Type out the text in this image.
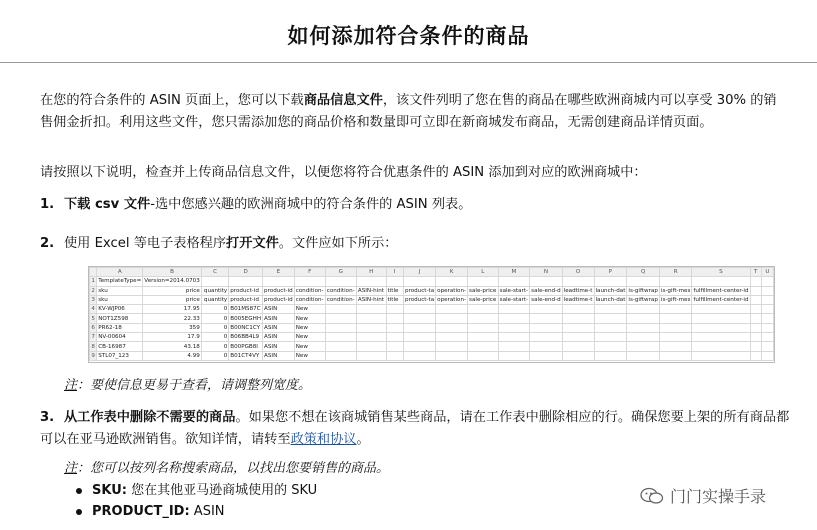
如何添加符合条件的商品
在您的符合条件的 ASIN 页面上，您可以下载商品信息文件，该文件列明了您在售的商品在哪些欧洲商城内可以享受 30% 的销售佣金折扣。利用这些文件，您只需添加您的商品价格和数量即可立即在新商城发布商品，无需创建商品详情页面。
请按照以下说明，检查并上传商品信息文件，以便您将符合优惠条件的 ASIN 添加到对应的欧洲商城中：
1. 下载 csv 文件-选中您感兴趣的欧洲商城中的符合条件的 ASIN 列表。
2. 使用 Excel 等电子表格程序打开文件。文件应如下所示：
	A	B	C	D	E	F	G	H	I	J	K	L	M	N	O	P	Q	R	S	T	U
1	TemplateType=	Version=2014.0703																			
2	sku	price	quantity	product-id	product-id	condition-	condition-	ASIN-hint	title	product-ta	operation-	sale-price	sale-start-	sale-end-d	leadtime-t	launch-dat	is-giftwrap	is-gift-mes	fulfillment-center-id		
3	sku	price	quantity	product-id	product-id	condition-	condition-	ASIN-hint	title	product-ta	operation-	sale-price	sale-start-	sale-end-d	leadtime-t	launch-dat	is-giftwrap	is-gift-mes	fulfillment-center-id		
4	KV-WJP06	17.95	0	B01MS87C	ASIN	New															
5	NOT1Z598	22.33	0	B005EGHH	ASIN	New															
6	PR62-18	359	0	B00NC1CY	ASIN	New															
7	NV-00604	17.9	0	B06BB4L9	ASIN	New															
8	CB-16987	43.18	0	B00PGB8I	ASIN	New															
9	STL07_123	4.99	0	B01CT4VY	ASIN	New															
注：要使信息更易于查看，请调整列宽度。
3. 从工作表中删除不需要的商品。如果您不想在该商城销售某些商品，请在工作表中删除相应的行。确保您要上架的所有商品都可以在亚马逊欧洲销售。欲知详情，请转至政策和协议。
注：您可以按列名称搜索商品，以找出您要销售的商品。
SKU: 您在其他亚马逊商城使用的 SKU
PRODUCT_ID: ASIN
门门实操手录
